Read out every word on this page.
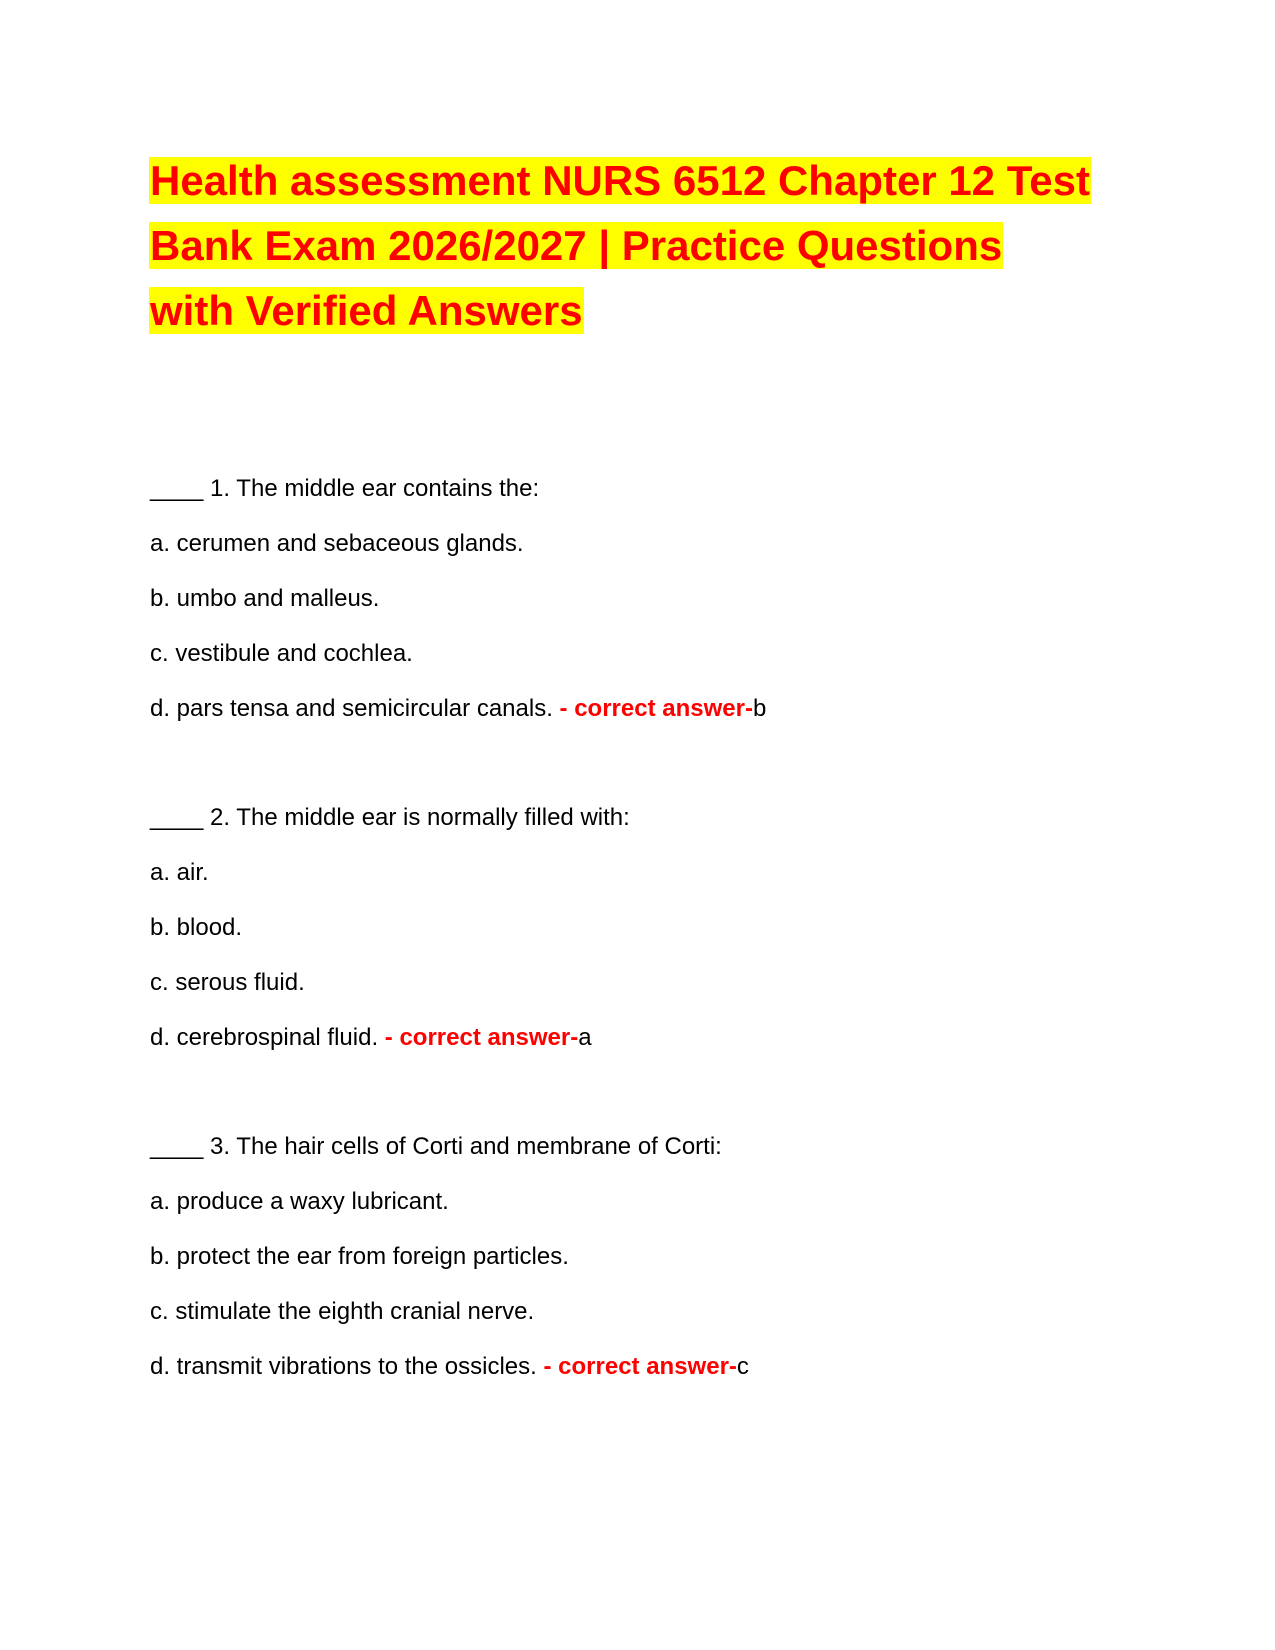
Health assessment NURS 6512 Chapter 12 Test
Bank Exam 2026/2027 | Practice Questions
with Verified Answers
____ 1. The middle ear contains the:
a. cerumen and sebaceous glands.
b. umbo and malleus.
c. vestibule and cochlea.
d. pars tensa and semicircular canals. - correct answer-b
____ 2. The middle ear is normally filled with:
a. air.
b. blood.
c. serous fluid.
d. cerebrospinal fluid. - correct answer-a
____ 3. The hair cells of Corti and membrane of Corti:
a. produce a waxy lubricant.
b. protect the ear from foreign particles.
c. stimulate the eighth cranial nerve.
d. transmit vibrations to the ossicles. - correct answer-c
